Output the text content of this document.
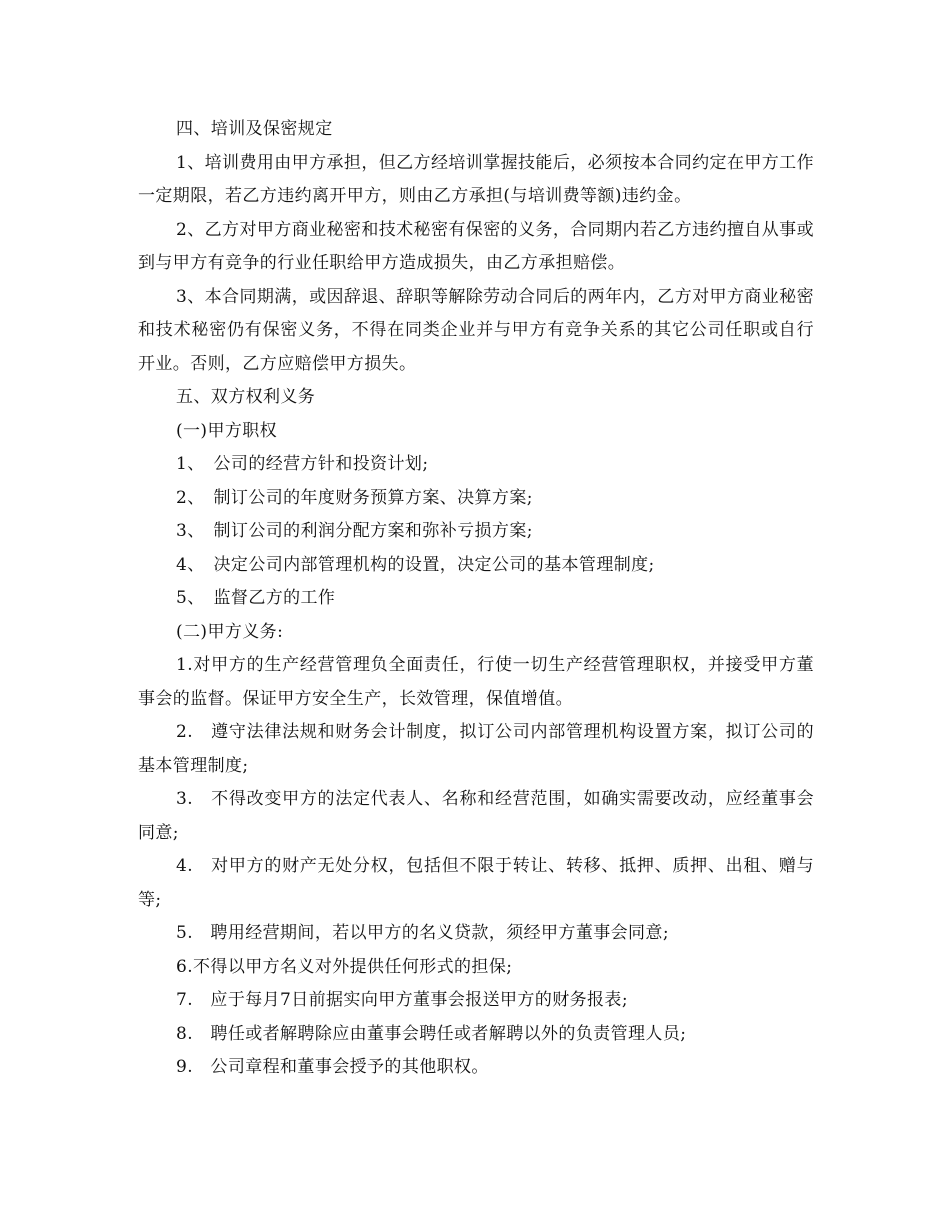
四、培训及保密规定

1、培训费用由甲方承担，但乙方经培训掌握技能后，必须按本合同约定在甲方工作一定期限，若乙方违约离开甲方，则由乙方承担(与培训费等额)违约金。

2、乙方对甲方商业秘密和技术秘密有保密的义务，合同期内若乙方违约擅自从事或到与甲方有竞争的行业任职给甲方造成损失，由乙方承担赔偿。

3、本合同期满，或因辞退、辞职等解除劳动合同后的两年内，乙方对甲方商业秘密和技术秘密仍有保密义务，不得在同类企业并与甲方有竞争关系的其它公司任职或自行开业。否则，乙方应赔偿甲方损失。

五、双方权利义务

(一)甲方职权

1、　公司的经营方针和投资计划;

2、　制订公司的年度财务预算方案、决算方案;

3、　制订公司的利润分配方案和弥补亏损方案;

4、　决定公司内部管理机构的设置，决定公司的基本管理制度;

5、　监督乙方的工作

(二)甲方义务:

1.对甲方的生产经营管理负全面责任，行使一切生产经营管理职权，并接受甲方董事会的监督。保证甲方安全生产，长效管理，保值增值。

2.　遵守法律法规和财务会计制度，拟订公司内部管理机构设置方案，拟订公司的基本管理制度;

3.　不得改变甲方的法定代表人、名称和经营范围，如确实需要改动，应经董事会同意;

4.　对甲方的财产无处分权，包括但不限于转让、转移、抵押、质押、出租、赠与等;

5.　聘用经营期间，若以甲方的名义贷款，须经甲方董事会同意;

6.不得以甲方名义对外提供任何形式的担保;

7.　应于每月7日前据实向甲方董事会报送甲方的财务报表;

8.　聘任或者解聘除应由董事会聘任或者解聘以外的负责管理人员;

9.　公司章程和董事会授予的其他职权。
